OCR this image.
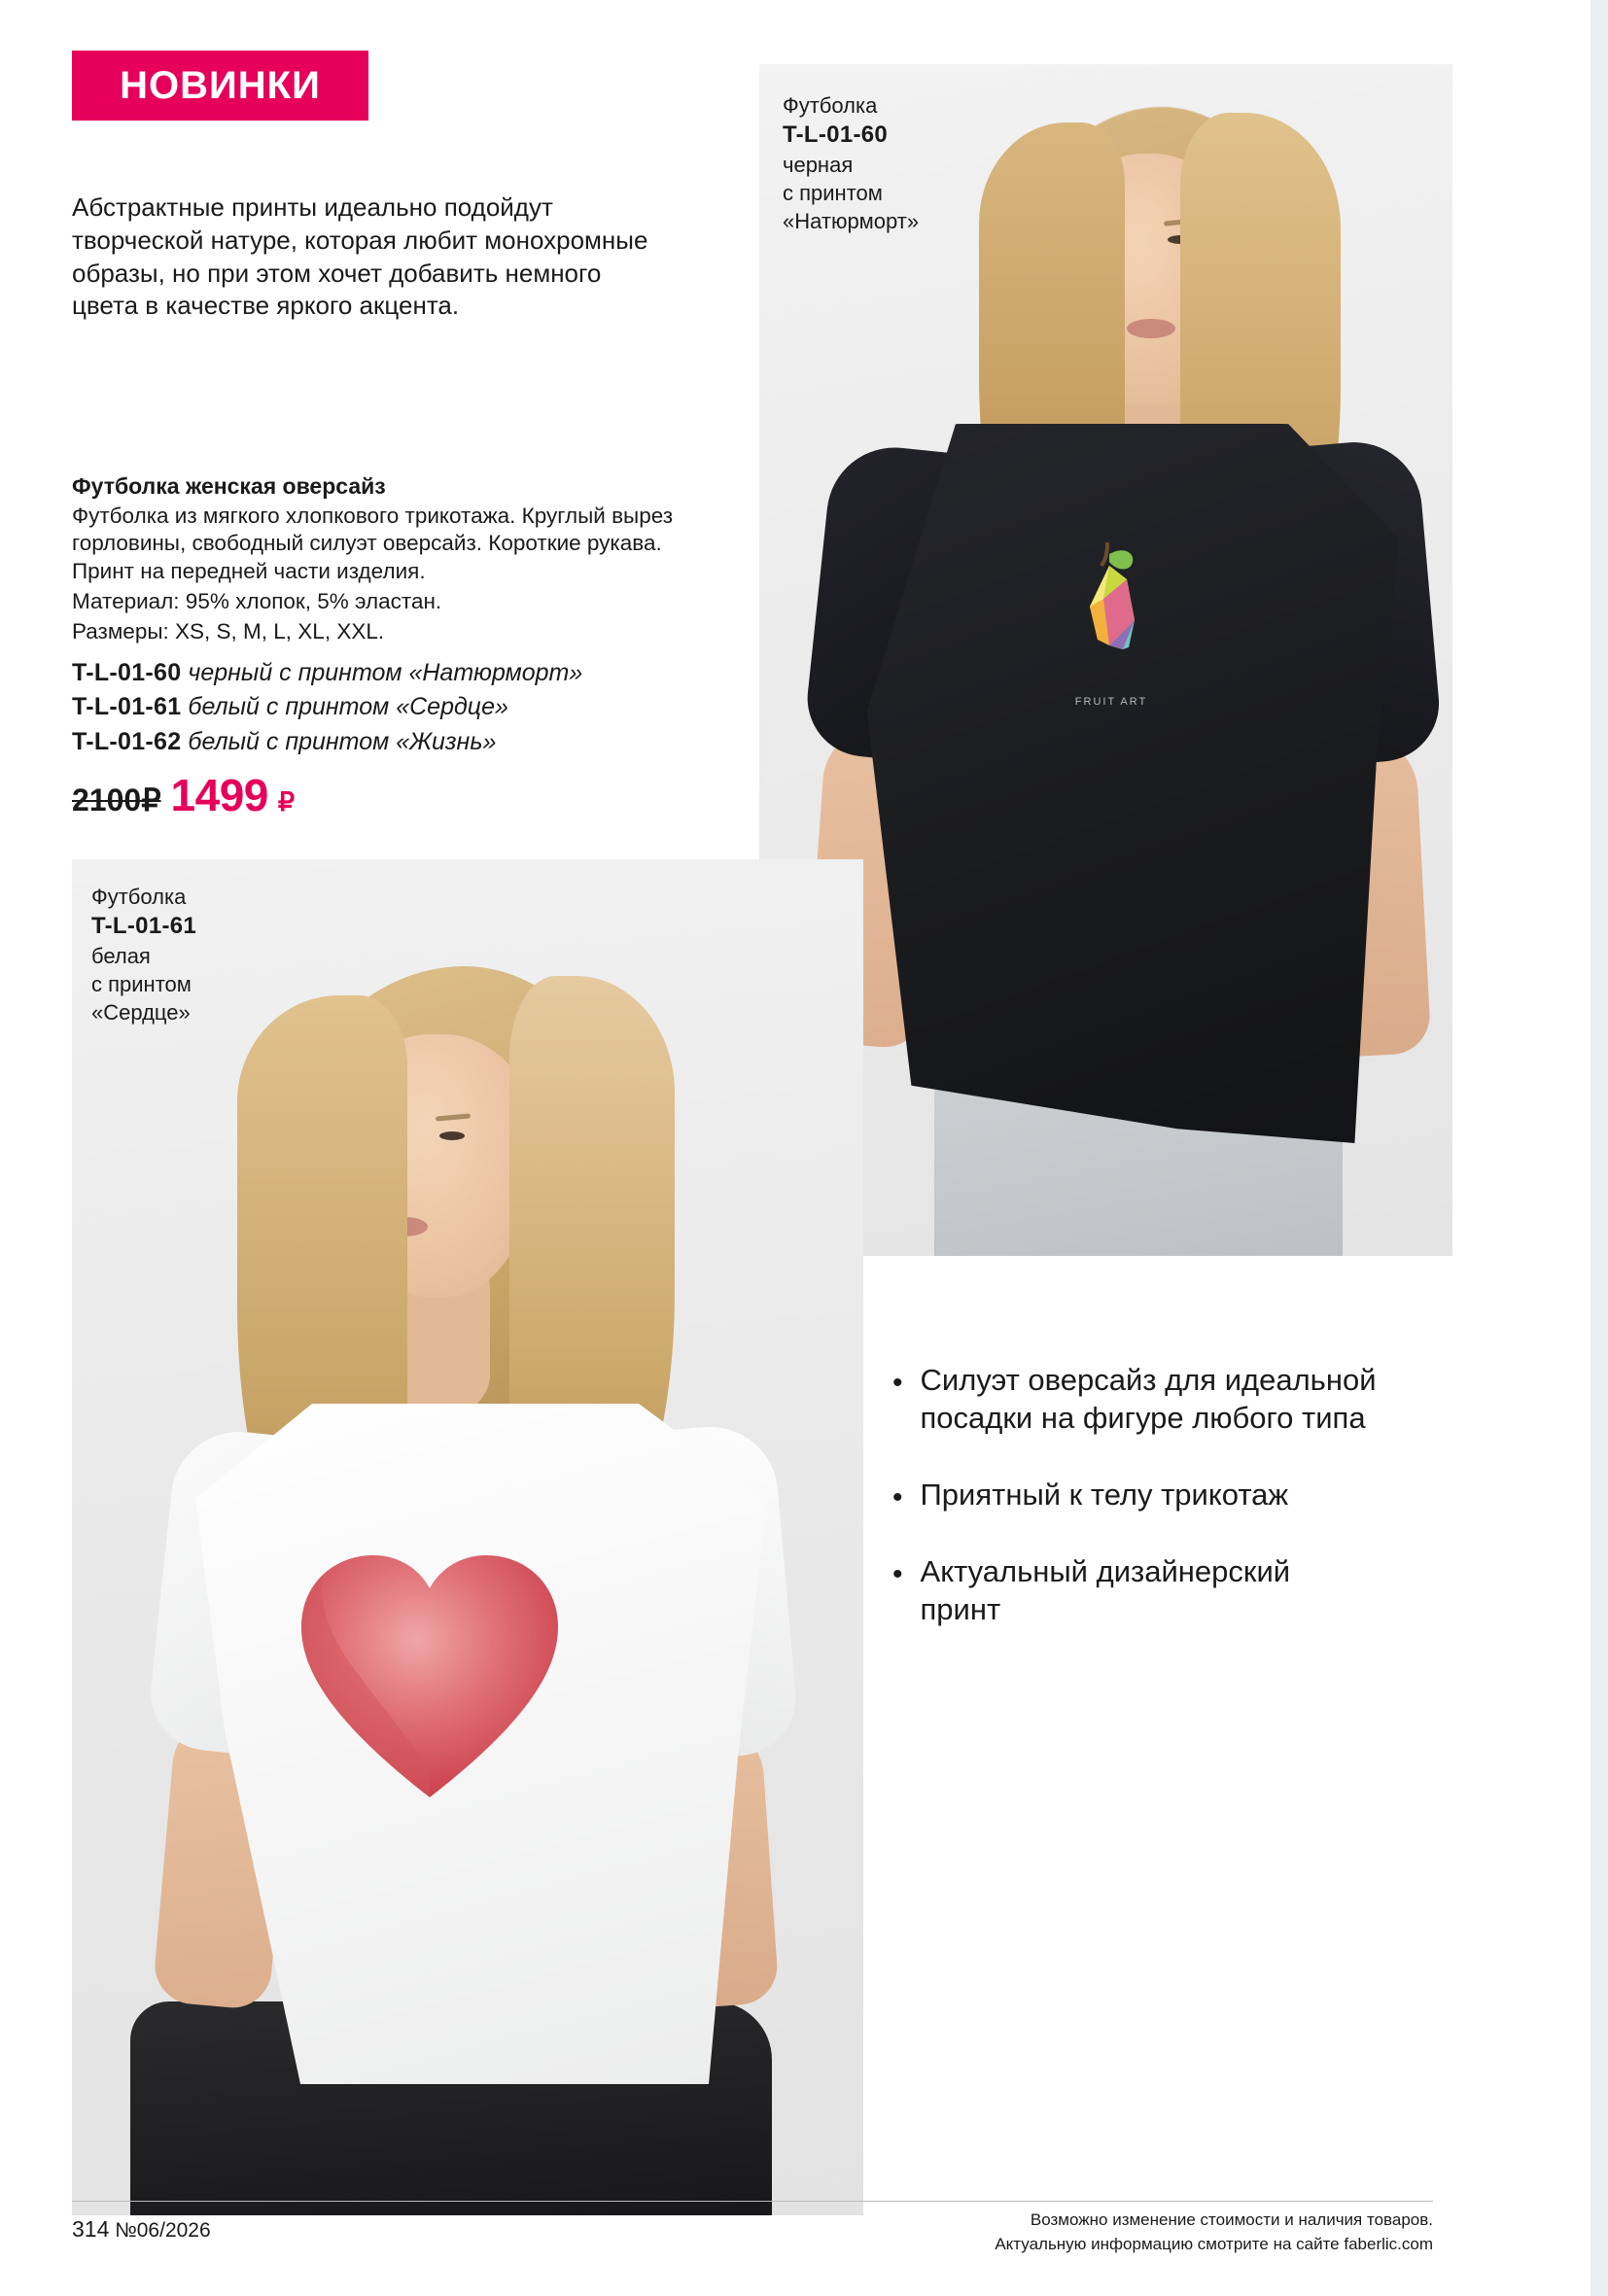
НОВИНКИ
Абстрактные принты идеально подойдут творческой натуре, которая любит монохромные образы, но при этом хочет добавить немного цвета в качестве яркого акцента.
Футболка женская оверсайз
Футболка из мягкого хлопкового трикотажа. Круглый вырез горловины, свободный силуэт оверсайз. Короткие рукава. Принт на передней части изделия.
Материал: 95% хлопок, 5% эластан.
Размеры: XS, S, M, L, XL, XXL.
T-L-01-60 черный с принтом «Натюрморт»
T-L-01-61 белый с принтом «Сердце»
T-L-01-62 белый с принтом «Жизнь»
2100₽ 1499 ₽
Футболка
T-L-01-60
черная
с принтом
«Натюрморт»
FRUIT ART
Футболка
T-L-01-61
белая
с принтом
«Сердце»
• Силуэт оверсайз для идеальной посадки на фигуре любого типа
• Приятный к телу трикотаж
• Актуальный дизайнерский принт
314 №06/2026	Возможно изменение стоимости и наличия товаров.
Актуальную информацию смотрите на сайте faberlic.com
